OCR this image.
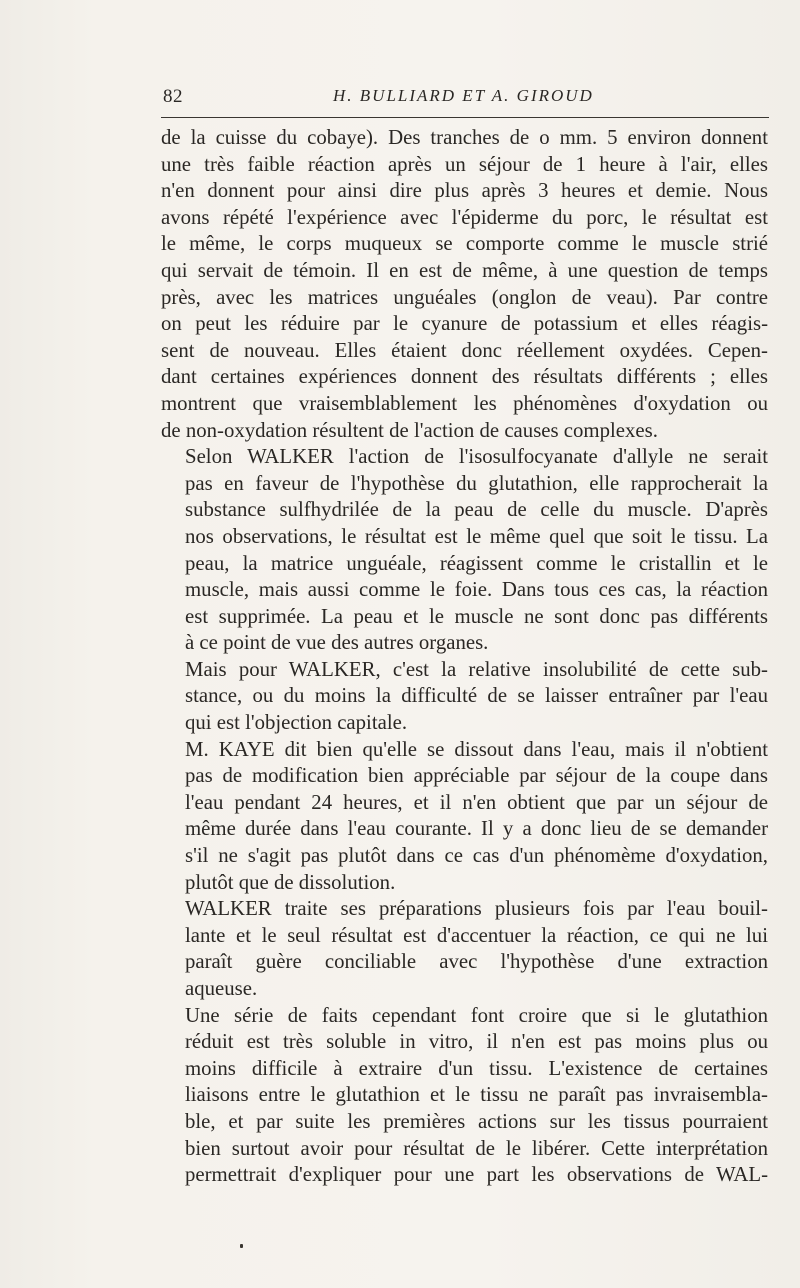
82	H. BULLIARD ET A. GIROUD

de la cuisse du cobaye). Des tranches de o mm. 5 environ donnent
une très faible réaction après un séjour de 1 heure à l'air, elles
n'en donnent pour ainsi dire plus après 3 heures et demie. Nous
avons répété l'expérience avec l'épiderme du porc, le résultat est
le même, le corps muqueux se comporte comme le muscle strié
qui servait de témoin. Il en est de même, à une question de temps
près, avec les matrices unguéales (onglon de veau). Par contre
on peut les réduire par le cyanure de potassium et elles réagis-
sent de nouveau. Elles étaient donc réellement oxydées. Cepen-
dant certaines expériences donnent des résultats différents ; elles
montrent que vraisemblablement les phénomènes d'oxydation ou
de non-oxydation résultent de l'action de causes complexes.

Selon WALKER l'action de l'isosulfocyanate d'allyle ne serait
pas en faveur de l'hypothèse du glutathion, elle rapprocherait la
substance sulfhydrilée de la peau de celle du muscle. D'après
nos observations, le résultat est le même quel que soit le tissu. La
peau, la matrice unguéale, réagissent comme le cristallin et le
muscle, mais aussi comme le foie. Dans tous ces cas, la réaction
est supprimée. La peau et le muscle ne sont donc pas différents
à ce point de vue des autres organes.

Mais pour WALKER, c'est la relative insolubilité de cette sub-
stance, ou du moins la difficulté de se laisser entraîner par l'eau
qui est l'objection capitale.

M. KAYE dit bien qu'elle se dissout dans l'eau, mais il n'obtient
pas de modification bien appréciable par séjour de la coupe dans
l'eau pendant 24 heures, et il n'en obtient que par un séjour de
même durée dans l'eau courante. Il y a donc lieu de se demander
s'il ne s'agit pas plutôt dans ce cas d'un phénomème d'oxydation,
plutôt que de dissolution.

WALKER traite ses préparations plusieurs fois par l'eau bouil-
lante et le seul résultat est d'accentuer la réaction, ce qui ne lui
paraît guère conciliable avec l'hypothèse d'une extraction
aqueuse.

Une série de faits cependant font croire que si le glutathion
réduit est très soluble in vitro, il n'en est pas moins plus ou
moins difficile à extraire d'un tissu. L'existence de certaines
liaisons entre le glutathion et le tissu ne paraît pas invraisembla-
ble, et par suite les premières actions sur les tissus pourraient
bien surtout avoir pour résultat de le libérer. Cette interprétation
permettrait d'expliquer pour une part les observations de WAL-
